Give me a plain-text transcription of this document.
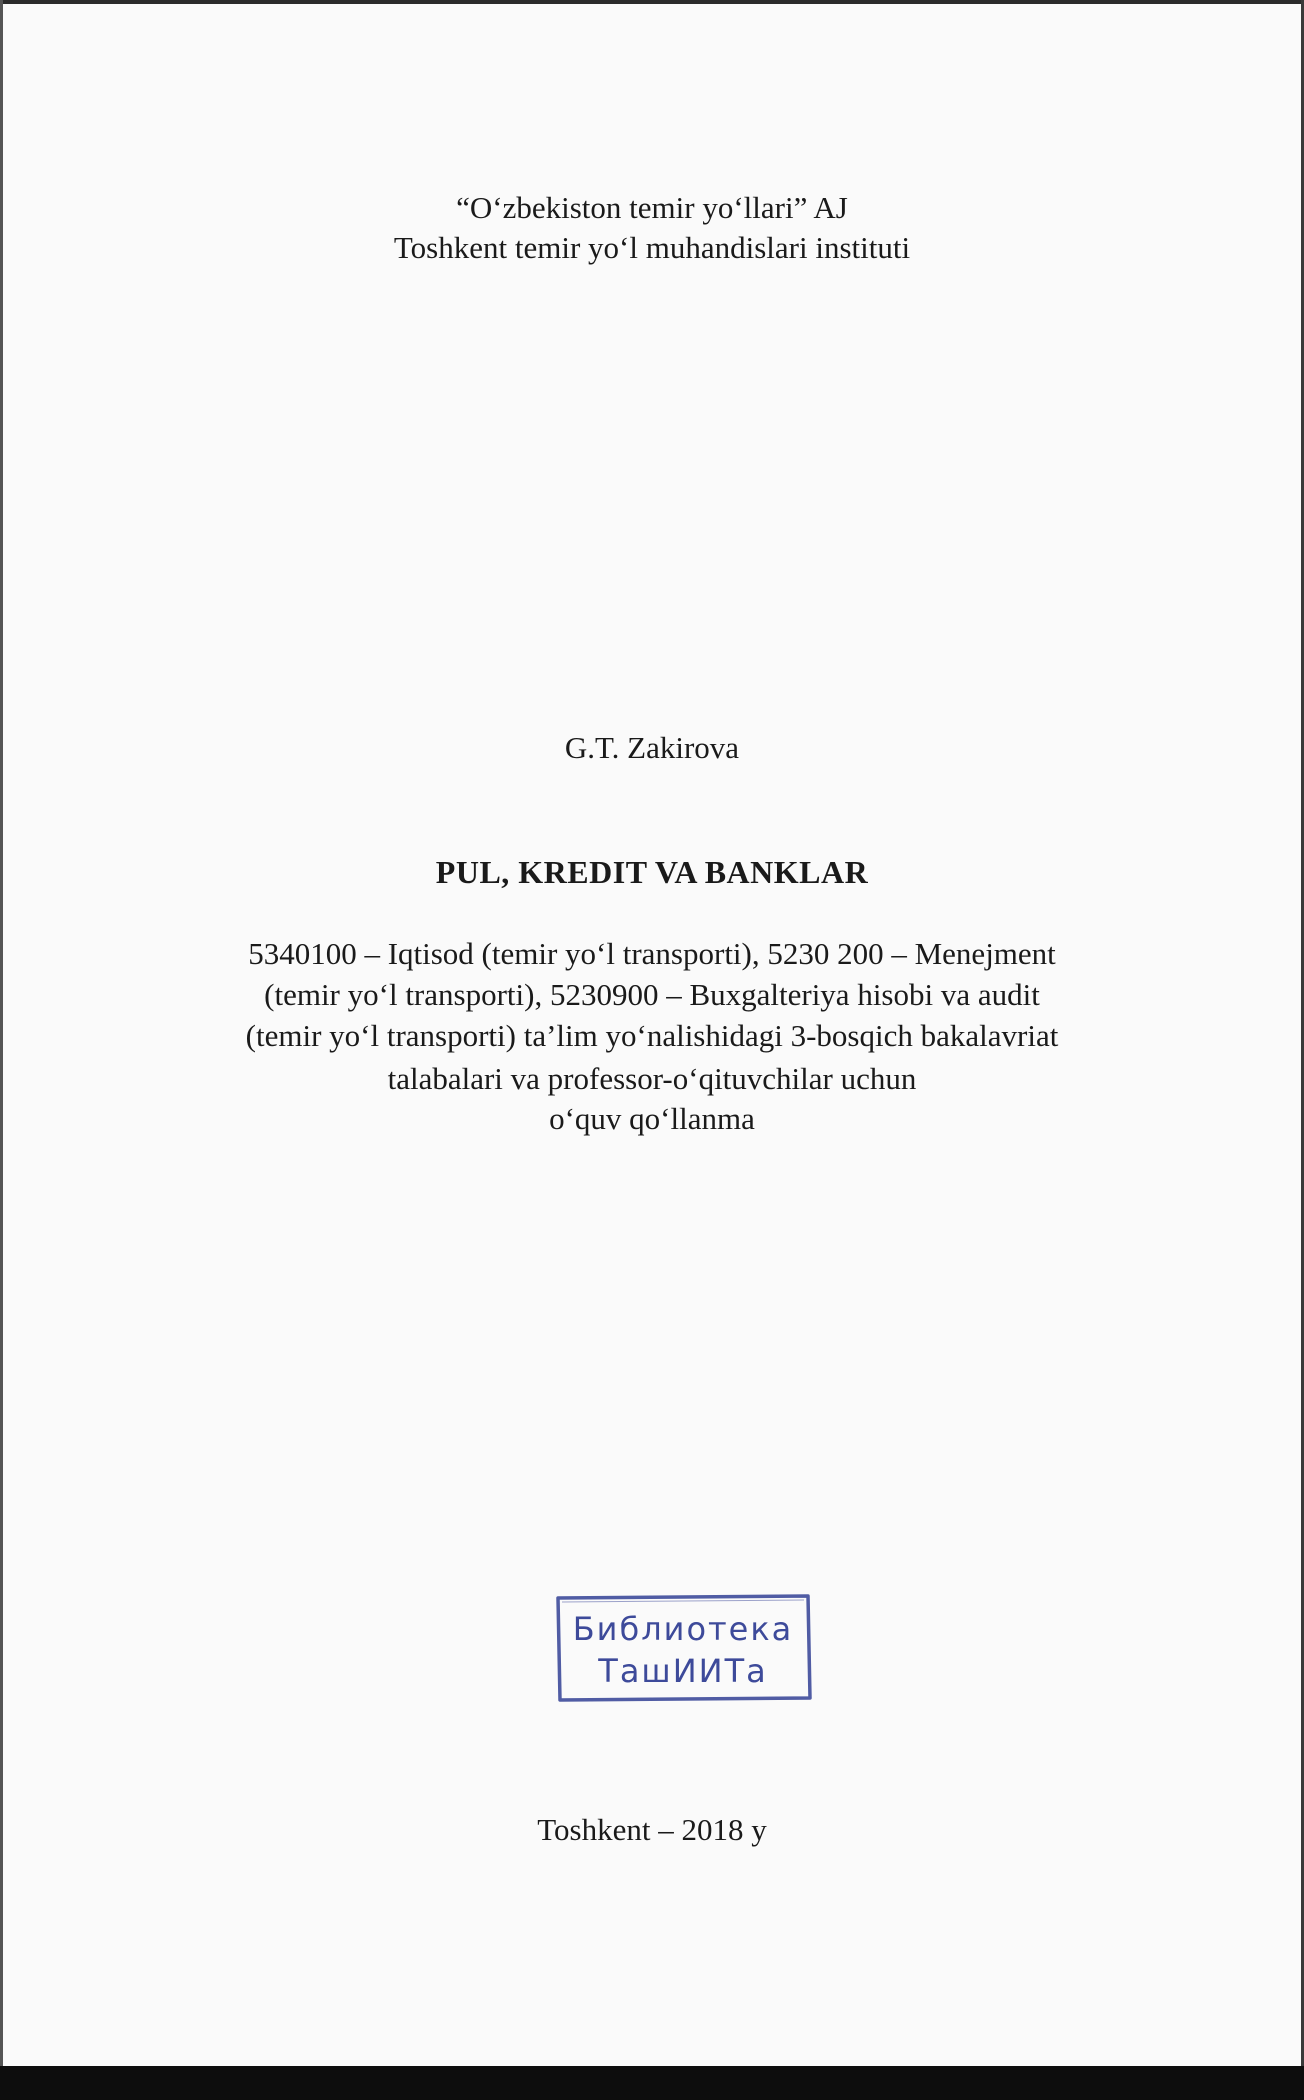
“O‘zbekiston temir yo‘llari” AJ
Toshkent temir yo‘l muhandislari instituti
G.T. Zakirova
PUL, KREDIT VA BANKLAR
5340100 – Iqtisod (temir yo‘l transporti), 5230 200 – Menejment
(temir yo‘l transporti), 5230900 – Buxgalteriya hisobi va audit
(temir yo‘l transporti) ta’lim yo‘nalishidagi 3-bosqich bakalavriat
talabalari va professor-o‘qituvchilar uchun
o‘quv qo‘llanma
Библиотека
ТашИИТа
Toshkent – 2018 y
